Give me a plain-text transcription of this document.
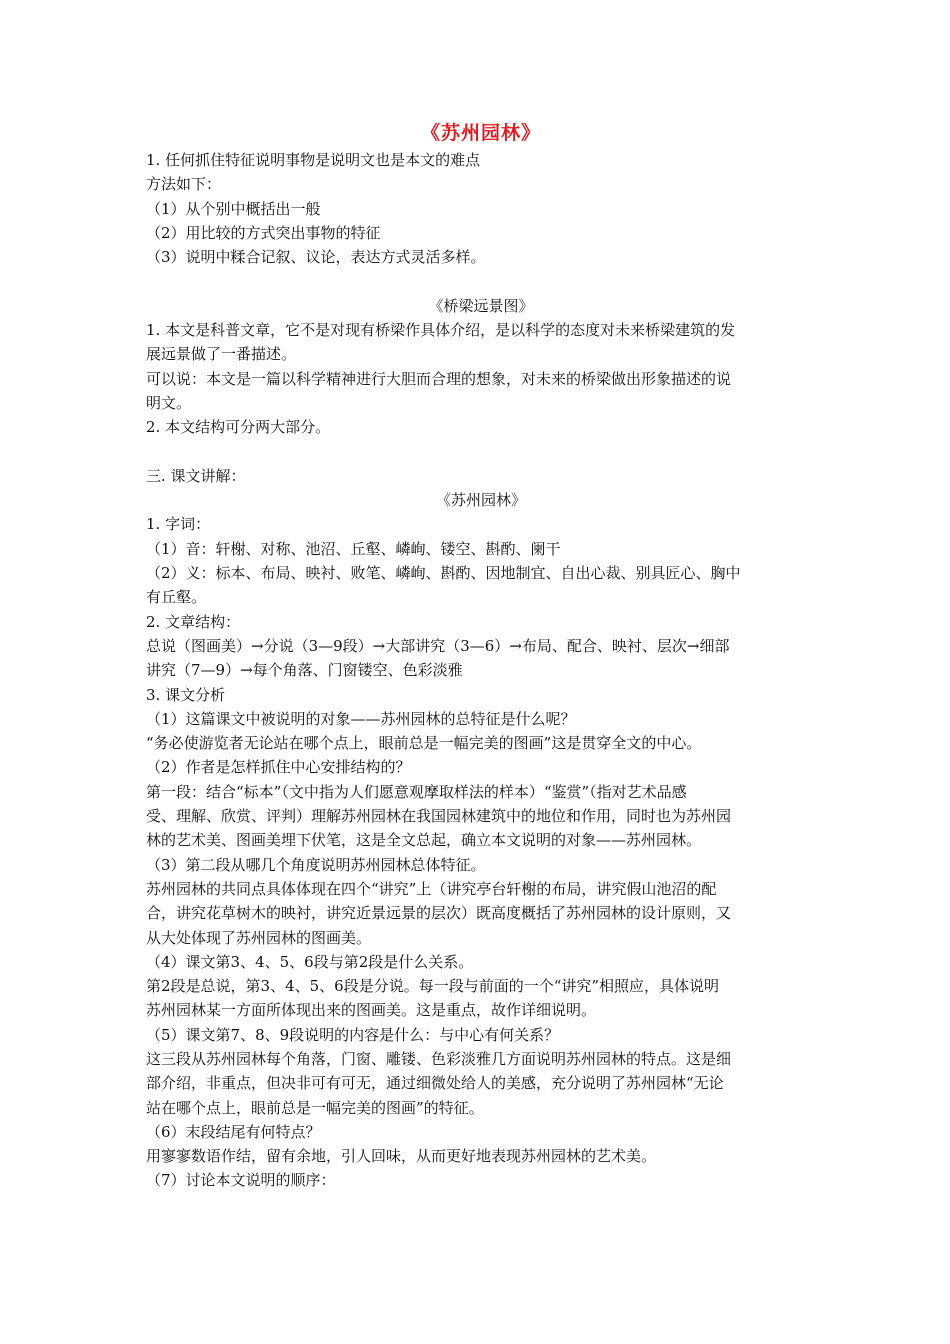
《苏州园林》
1. 任何抓住特征说明事物是说明文也是本文的难点
方法如下：
（1）从个别中概括出一般
（2）用比较的方式突出事物的特征
（3）说明中糅合记叙、议论，表达方式灵活多样。
《桥梁远景图》
1. 本文是科普文章，它不是对现有桥梁作具体介绍，是以科学的态度对未来桥梁建筑的发
展远景做了一番描述。
可以说：本文是一篇以科学精神进行大胆而合理的想象，对未来的桥梁做出形象描述的说
明文。
2. 本文结构可分两大部分。
三. 课文讲解：
《苏州园林》
1. 字词：
（1）音：轩榭、对称、池沼、丘壑、嶙峋、镂空、斟酌、阑干
（2）义：标本、布局、映衬、败笔、嶙峋、斟酌、因地制宜、自出心裁、别具匠心、胸中
有丘壑。
2. 文章结构：
总说（图画美）→分说（3—9段）→大部讲究（3—6）→布局、配合、映衬、层次→细部
讲究（7—9）→每个角落、门窗镂空、色彩淡雅
3. 课文分析
（1）这篇课文中被说明的对象——苏州园林的总特征是什么呢？
“务必使游览者无论站在哪个点上，眼前总是一幅完美的图画”这是贯穿全文的中心。
（2）作者是怎样抓住中心安排结构的？
第一段：结合“标本”（文中指为人们愿意观摩取样法的样本）“鉴赏”（指对艺术品感
受、理解、欣赏、评判）理解苏州园林在我国园林建筑中的地位和作用，同时也为苏州园
林的艺术美、图画美埋下伏笔，这是全文总起，确立本文说明的对象——苏州园林。
（3）第二段从哪几个角度说明苏州园林总体特征。
苏州园林的共同点具体体现在四个“讲究”上（讲究亭台轩榭的布局，讲究假山池沼的配
合，讲究花草树木的映衬，讲究近景远景的层次）既高度概括了苏州园林的设计原则，又
从大处体现了苏州园林的图画美。
（4）课文第3、4、5、6段与第2段是什么关系。
第2段是总说，第3、4、5、6段是分说。每一段与前面的一个“讲究”相照应，具体说明
苏州园林某一方面所体现出来的图画美。这是重点，故作详细说明。
（5）课文第7、8、9段说明的内容是什么：与中心有何关系？
这三段从苏州园林每个角落，门窗、雕镂、色彩淡雅几方面说明苏州园林的特点。这是细
部介绍，非重点，但决非可有可无，通过细微处给人的美感，充分说明了苏州园林“无论
站在哪个点上，眼前总是一幅完美的图画”的特征。
（6）末段结尾有何特点？
用寥寥数语作结，留有余地，引人回味，从而更好地表现苏州园林的艺术美。
（7）讨论本文说明的顺序：
